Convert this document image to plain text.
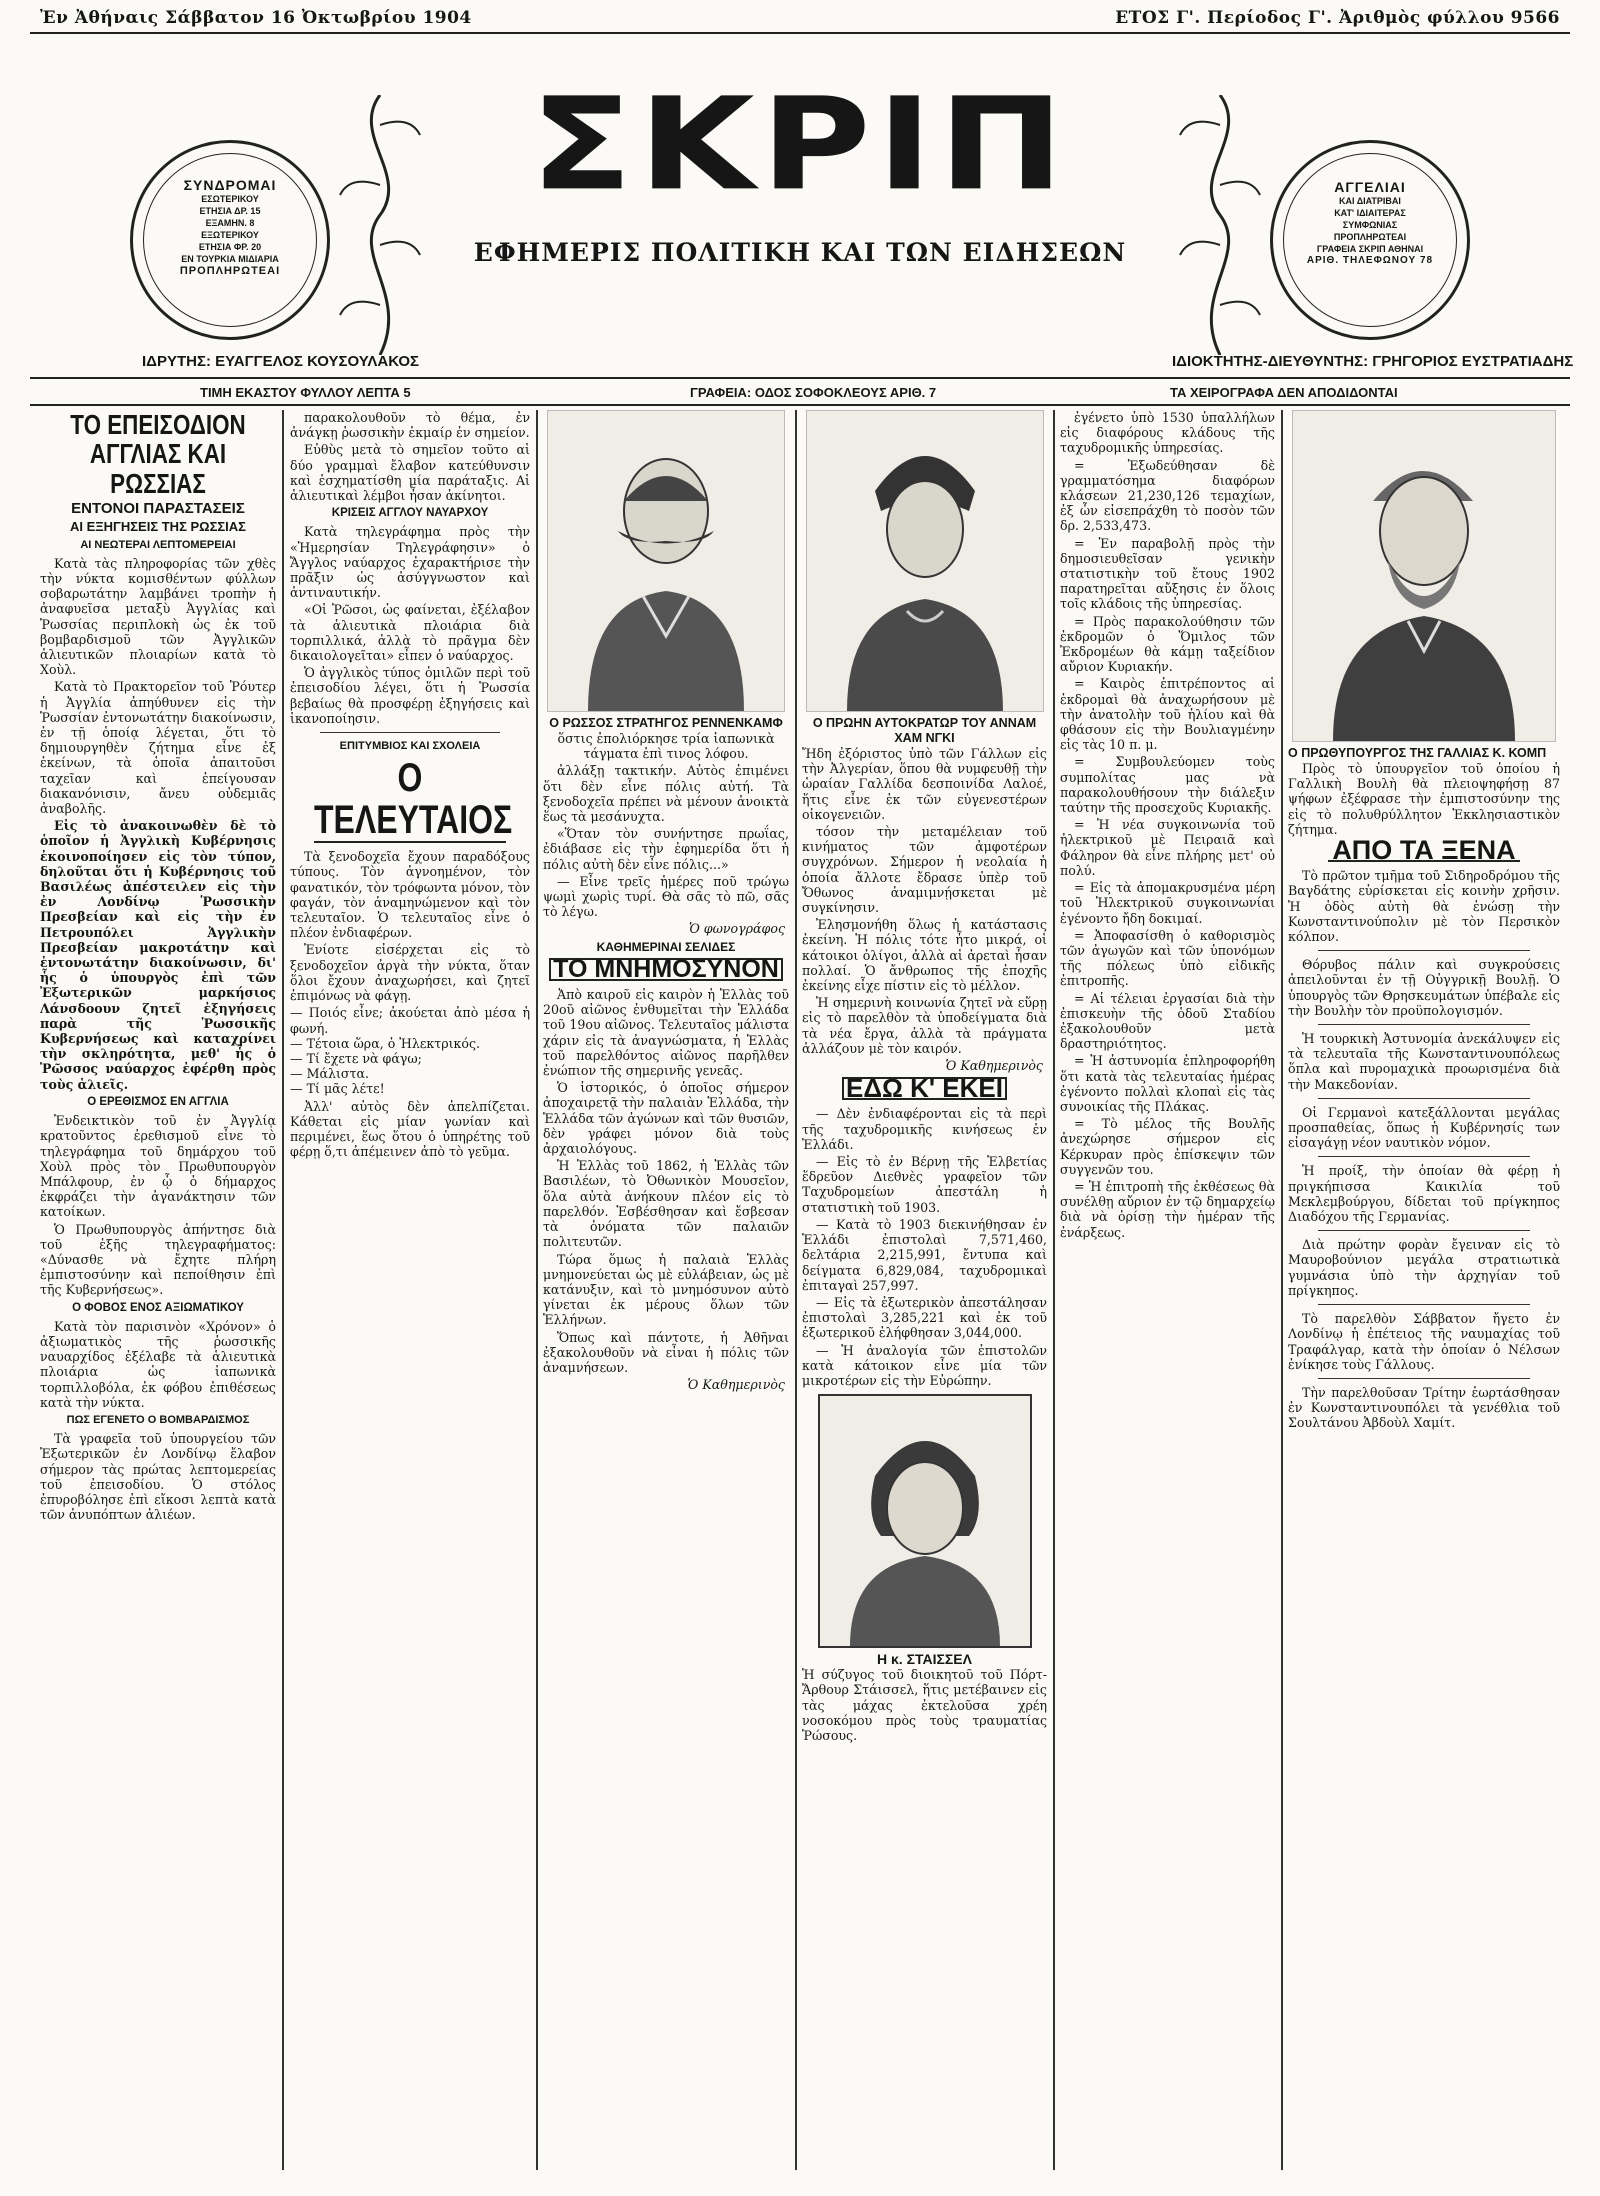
Ἐν Ἀθήναις Σάββατον 16 Ὀκτωβρίου 1904	ΕΤΟΣ Γ'. Περίοδος Γ'. Ἀριθμὸς φύλλου 9566
ΣΥΝΔΡΟΜΑΙ
ΕΣΩΤΕΡΙΚΟΥ
ΕΤΗΣΙΑ ΔΡ. 15
ΕΞΑΜΗΝ. 8
ΕΞΩΤΕΡΙΚΟΥ
ΕΤΗΣΙΑ ΦΡ. 20
ΕΝ ΤΟΥΡΚΙΑ ΜΙΔΙΑΡΙΑ
ΠΡΟΠΛΗΡΩΤΕΑΙ
ΙΔΡΥΤΗΣ: ΕΥΑΓΓΕΛΟΣ ΚΟΥΣΟΥΛΑΚΟΣ
ΣΚΡΙΠ
ΕΦΗΜΕΡΙΣ ΠΟΛΙΤΙΚΗ ΚΑΙ ΤΩΝ ΕΙΔΗΣΕΩΝ
ΑΓΓΕΛΙΑΙ
ΚΑΙ ΔΙΑΤΡΙΒΑΙ
ΚΑΤ' ΙΔΙΑΙΤΕΡΑΣ
ΣΥΜΦΩΝΙΑΣ
ΠΡΟΠΛΗΡΩΤΕΑΙ
ΓΡΑΦΕΙΑ ΣΚΡΙΠ ΑΘΗΝΑΙ
ΑΡΙΘ. ΤΗΛΕΦΩΝΟΥ 78
ΙΔΙΟΚΤΗΤΗΣ-ΔΙΕΥΘΥΝΤΗΣ: ΓΡΗΓΟΡΙΟΣ ΕΥΣΤΡΑΤΙΑΔΗΣ
ΤΙΜΗ ΕΚΑΣΤΟΥ ΦΥΛΛΟΥ ΛΕΠΤΑ 5	ΓΡΑΦΕΙΑ: ΟΔΟΣ ΣΟΦΟΚΛΕΟΥΣ ΑΡΙΘ. 7	ΤΑ ΧΕΙΡΟΓΡΑΦΑ ΔΕΝ ΑΠΟΔΙΔΟΝΤΑΙ
ΤΟ ΕΠΕΙΣΟΔΙΟΝ ΑΓΓΛΙΑΣ ΚΑΙ ΡΩΣΣΙΑΣ
ΕΝΤΟΝΟΙ ΠΑΡΑΣΤΑΣΕΙΣ
ΑΙ ΕΞΗΓΗΣΕΙΣ ΤΗΣ ΡΩΣΣΙΑΣ
ΑΙ ΝΕΩΤΕΡΑΙ ΛΕΠΤΟΜΕΡΕΙΑΙ

Κατὰ τὰς πληροφορίας τῶν χθὲς τὴν νύκτα κομισθέντων φύλλων σοβαρωτάτην λαμβάνει τροπὴν ἡ ἀναφυεῖσα μεταξὺ Ἀγγλίας καὶ Ῥωσσίας περιπλοκὴ ὡς ἐκ τοῦ βομβαρδισμοῦ τῶν Ἀγγλικῶν ἁλιευτικῶν πλοιαρίων κατὰ τὸ Χοὺλ.

Κατὰ τὸ Πρακτορεῖον τοῦ Ῥόυτερ ἡ Ἀγγλία ἀπηύθυνεν εἰς τὴν Ῥωσσίαν ἐντονωτάτην διακοίνωσιν, ἐν τῇ ὁποίᾳ λέγεται, ὅτι τὸ δημιουργηθὲν ζήτημα εἶνε ἐξ ἐκείνων, τὰ ὁποῖα ἀπαιτοῦσι ταχεῖαν καὶ ἐπείγουσαν διακανόνισιν, ἄνευ οὐδεμιᾶς ἀναβολῆς.

Εἰς τὸ ἀνακοινωθὲν δὲ τὸ ὁποῖον ἡ Ἀγγλικὴ Κυβέρνησις ἐκοινοποίησεν εἰς τὸν τύπον, δηλοῦται ὅτι ἡ Κυβέρνησις τοῦ Βασιλέως ἀπέστειλεν εἰς τὴν ἐν Λονδίνῳ Ῥωσσικὴν Πρεσβείαν καὶ εἰς τὴν ἐν Πετρουπόλει Ἀγγλικὴν Πρεσβείαν μακροτάτην καὶ ἐντονωτάτην διακοίνωσιν, δι' ἧς ὁ ὑπουργὸς ἐπὶ τῶν Ἐξωτερικῶν μαρκήσιος Λάνσδοουν ζητεῖ ἐξηγήσεις παρὰ τῆς Ῥωσσικῆς Κυβερνήσεως καὶ καταχρίνει τὴν σκληρότητα, μεθ' ἧς ὁ Ῥῶσσος ναύαρχος ἐφέρθη πρὸς τοὺς ἁλιεῖς.

Ο ΕΡΕΘΙΣΜΟΣ ΕΝ ΑΓΓΛΙΑ

Ἐνδεικτικὸν τοῦ ἐν Ἀγγλίᾳ κρατοῦντος ἐρεθισμοῦ εἶνε τὸ τηλεγράφημα τοῦ δημάρχου τοῦ Χοὺλ πρὸς τὸν Πρωθυπουργὸν Μπάλφουρ, ἐν ᾧ ὁ δήμαρχος ἐκφράζει τὴν ἀγανάκτησιν τῶν κατοίκων.

Ὁ Πρωθυπουργὸς ἀπήντησε διὰ τοῦ ἑξῆς τηλεγραφήματος: «Δύνασθε νὰ ἔχητε πλήρη ἐμπιστοσύνην καὶ πεποίθησιν ἐπὶ τῆς Κυβερνήσεως».

Ο ΦΟΒΟΣ ΕΝΟΣ ΑΞΙΩΜΑΤΙΚΟΥ

Κατὰ τὸν παρισινὸν «Χρόνον» ὁ ἀξιωματικὸς τῆς ῥωσσικῆς ναυαρχίδος ἐξέλαβε τὰ ἁλιευτικὰ πλοιάρια ὡς ἰαπωνικὰ τορπιλλοβόλα, ἐκ φόβου ἐπιθέσεως κατὰ τὴν νύκτα.

ΠΩΣ ΕΓΕΝΕΤΟ Ο ΒΟΜΒΑΡΔΙΣΜΟΣ

Τὰ γραφεῖα τοῦ ὑπουργείου τῶν Ἐξωτερικῶν ἐν Λονδίνῳ ἔλαβον σήμερον τὰς πρώτας λεπτομερείας τοῦ ἐπεισοδίου. Ὁ στόλος ἐπυροβόλησε ἐπὶ εἴκοσι λεπτὰ κατὰ τῶν ἀνυπόπτων ἁλιέων.

παρακολουθοῦν τὸ θέμα, ἐν ἀνάγκῃ ῥωσσικὴν ἐκμαίρ ἐν σημείον.

Εὐθὺς μετὰ τὸ σημεῖον τοῦτο αἱ δύο γραμμαὶ ἔλαβον κατεύθυνσιν καὶ ἐσχηματίσθη μία παράταξις. Αἱ ἁλιευτικαὶ λέμβοι ἦσαν ἀκίνητοι.

ΚΡΙΣΕΙΣ ΑΓΓΛΟΥ ΝΑΥΑΡΧΟΥ

Κατὰ τηλεγράφημα πρὸς τὴν «Ἡμερησίαν Τηλεγράφησιν» ὁ Ἄγγλος ναύαρχος ἐχαρακτήρισε τὴν πρᾶξιν ὡς ἀσύγγνωστον καὶ ἀντιναυτικήν.

«Οἱ Ῥῶσοι, ὡς φαίνεται, ἐξέλαβον τὰ ἁλιευτικὰ πλοιάρια διὰ τορπιλλικά, ἀλλὰ τὸ πρᾶγμα δὲν δικαιολογεῖται» εἶπεν ὁ ναύαρχος.

Ὁ ἀγγλικὸς τύπος ὁμιλῶν περὶ τοῦ ἐπεισοδίου λέγει, ὅτι ἡ Ῥωσσία βεβαίως θὰ προσφέρῃ ἐξηγήσεις καὶ ἱκανοποίησιν.

ΕΠΙΤΥΜΒΙΟΣ ΚΑΙ ΣΧΟΛΕΙΑ
Ο ΤΕΛΕΥΤΑΙΟΣ

Τὰ ξενοδοχεῖα ἔχουν παραδόξους τύπους. Τὸν ἀγνοημένον, τὸν φανατικόν, τὸν τρόφωντα μόνον, τὸν φαγάν, τὸν ἀναμηνώμενον καὶ τὸν τελευταῖον. Ὁ τελευταῖος εἶνε ὁ πλέον ἐνδιαφέρων.

Ἐνίοτε εἰσέρχεται εἰς τὸ ξενοδοχεῖον ἀργὰ τὴν νύκτα, ὅταν ὅλοι ἔχουν ἀναχωρήσει, καὶ ζητεῖ ἐπιμόνως νὰ φάγῃ.

— Ποιός εἶνε; ἀκούεται ἀπὸ μέσα ἡ φωνή.
— Τέτοια ὥρα, ὁ Ἠλεκτρικός.
— Τί ἔχετε νὰ φάγω;
— Μάλιστα.
— Τί μᾶς λέτε!

Ἀλλ' αὐτὸς δὲν ἀπελπίζεται. Κάθεται εἰς μίαν γωνίαν καὶ περιμένει, ἕως ὅτου ὁ ὑπηρέτης τοῦ φέρῃ ὅ,τι ἀπέμεινεν ἀπὸ τὸ γεῦμα.

Ο ΡΩΣΣΟΣ ΣΤΡΑΤΗΓΟΣ ΡΕΝΝΕΝΚΑΜΦ

ὅστις ἐπολιόρκησε τρία ἰαπωνικὰ τάγματα ἐπὶ τινος λόφου.

ἀλλάξῃ τακτικήν. Αὐτὸς ἐπιμένει ὅτι δὲν εἶνε πόλις αὐτή. Τὰ ξενοδοχεῖα πρέπει νὰ μένουν ἀνοικτὰ ἕως τὰ μεσάνυχτα.

«Ὅταν τὸν συνήντησε πρωΐας, ἐδιάβασε εἰς τὴν ἐφημερίδα ὅτι ἡ πόλις αὐτὴ δὲν εἶνε πόλις...»

— Εἶνε τρεῖς ἡμέρες ποῦ τρώγω ψωμὶ χωρὶς τυρί. Θὰ σᾶς τὸ πῶ, σᾶς τὸ λέγω.

Ὁ φωνογράφος
ΚΑΘΗΜΕΡΙΝΑΙ ΣΕΛΙΔΕΣ
ΤΟ ΜΝΗΜΟΣΥΝΟΝ

Ἀπὸ καιροῦ εἰς καιρὸν ἡ Ἑλλὰς τοῦ 20οῦ αἰῶνος ἐνθυμεῖται τὴν Ἑλλάδα τοῦ 19ου αἰῶνος. Τελευταῖος μάλιστα χάριν εἰς τὰ ἀναγνώσματα, ἡ Ἑλλὰς τοῦ παρελθόντος αἰῶνος παρῆλθεν ἐνώπιον τῆς σημερινῆς γενεᾶς.

Ὁ ἱστορικός, ὁ ὁποῖος σήμερον ἀποχαιρετᾷ τὴν παλαιὰν Ἑλλάδα, τὴν Ἑλλάδα τῶν ἀγώνων καὶ τῶν θυσιῶν, δὲν γράφει μόνον διὰ τοὺς ἀρχαιολόγους.

Ἡ Ἑλλὰς τοῦ 1862, ἡ Ἑλλὰς τῶν Βασιλέων, τὸ Ὀθωνικὸν Μουσεῖον, ὅλα αὐτὰ ἀνήκουν πλέον εἰς τὸ παρελθόν. Ἐσβέσθησαν καὶ ἔσβεσαν τὰ ὀνόματα τῶν παλαιῶν πολιτευτῶν.

Τώρα ὅμως ἡ παλαιὰ Ἑλλὰς μνημονεύεται ὡς μὲ εὐλάβειαν, ὡς μὲ κατάνυξιν, καὶ τὸ μνημόσυνον αὐτὸ γίνεται ἐκ μέρους ὅλων τῶν Ἑλλήνων.

Ὅπως καὶ πάντοτε, ἡ Ἀθῆναι ἐξακολουθοῦν νὰ εἶναι ἡ πόλις τῶν ἀναμνήσεων.

Ὁ Καθημερινὸς
Ο ΠΡΩΗΝ ΑΥΤΟΚΡΑΤΩΡ ΤΟΥ ΑΝΝΑΜ ΧΑΜ ΝΓΚΙ

Ἤδη ἐξόριστος ὑπὸ τῶν Γάλλων εἰς τὴν Ἀλγερίαν, ὅπου θὰ νυμφευθῇ τὴν ὡραίαν Γαλλίδα δεσποινίδα Λαλοέ, ἥτις εἶνε ἐκ τῶν εὐγενεστέρων οἰκογενειῶν.

τόσον τὴν μεταμέλειαν τοῦ κινήματος τῶν ἀμφοτέρων συγχρόνων. Σήμερον ἡ νεολαία ἡ ὁποία ἄλλοτε ἔδρασε ὑπὲρ τοῦ Ὄθωνος ἀναμιμνῄσκεται μὲ συγκίνησιν.

Ἐλησμονήθη ὅλως ἡ κατάστασις ἐκείνη. Ἡ πόλις τότε ἦτο μικρά, οἱ κάτοικοι ὀλίγοι, ἀλλὰ αἱ ἀρεταὶ ἦσαν πολλαί. Ὁ ἄνθρωπος τῆς ἐποχῆς ἐκείνης εἶχε πίστιν εἰς τὸ μέλλον.

Ἡ σημερινὴ κοινωνία ζητεῖ νὰ εὕρῃ εἰς τὸ παρελθὸν τὰ ὑποδείγματα διὰ τὰ νέα ἔργα, ἀλλὰ τὰ πράγματα ἀλλάζουν μὲ τὸν καιρόν.

Ὁ Καθημερινὸς
ΕΔΩ Κ' ΕΚΕΙ

— Δὲν ἐνδιαφέρονται εἰς τὰ περὶ τῆς ταχυδρομικῆς κινήσεως ἐν Ἑλλάδι.

— Εἰς τὸ ἐν Βέρνῃ τῆς Ἑλβετίας ἕδρεῦον Διεθνὲς γραφεῖον τῶν Ταχυδρομείων ἀπεστάλη ἡ στατιστικὴ τοῦ 1903.

— Κατὰ τὸ 1903 διεκινήθησαν ἐν Ἑλλάδι ἐπιστολαὶ 7,571,460, δελτάρια 2,215,991, ἔντυπα καὶ δείγματα 6,829,084, ταχυδρομικαὶ ἐπιταγαὶ 257,997.

— Εἰς τὰ ἐξωτερικὸν ἀπεστάλησαν ἐπιστολαὶ 3,285,221 καὶ ἐκ τοῦ ἐξωτερικοῦ ἐλήφθησαν 3,044,000.

— Ἡ ἀναλογία τῶν ἐπιστολῶν κατὰ κάτοικον εἶνε μία τῶν μικροτέρων εἰς τὴν Εὐρώπην.

Η κ. ΣΤΑΙΣΣΕΛ

Ἡ σύζυγος τοῦ διοικητοῦ τοῦ Πόρτ-Ἄρθουρ Στάισσελ, ἥτις μετέβαινεν εἰς τὰς μάχας ἐκτελοῦσα χρέη νοσοκόμου πρὸς τοὺς τραυματίας Ῥώσους.

ἐγένετο ὑπὸ 1530 ὑπαλλήλων εἰς διαφόρους κλάδους τῆς ταχυδρομικῆς ὑπηρεσίας.

= Ἐξωδεύθησαν δὲ γραμματόσημα διαφόρων κλάσεων 21,230,126 τεμαχίων, ἐξ ὧν εἰσεπράχθη τὸ ποσὸν τῶν δρ. 2,533,473.

= Ἐν παραβολῇ πρὸς τὴν δημοσιευθεῖσαν γενικὴν στατιστικὴν τοῦ ἔτους 1902 παρατηρεῖται αὔξησις ἐν ὅλοις τοῖς κλάδοις τῆς ὑπηρεσίας.

= Πρὸς παρακολούθησιν τῶν ἐκδρομῶν ὁ Ὅμιλος τῶν Ἐκδρομέων θὰ κάμῃ ταξείδιον αὔριον Κυριακήν.

= Καιρὸς ἐπιτρέποντος αἱ ἐκδρομαὶ θὰ ἀναχωρήσουν μὲ τὴν ἀνατολὴν τοῦ ἡλίου καὶ θὰ φθάσουν εἰς τὴν Βουλιαγμένην εἰς τὰς 10 π. μ.

= Συμβουλεύομεν τοὺς συμπολίτας μας νὰ παρακολουθήσουν τὴν διάλεξιν ταύτην τῆς προσεχοῦς Κυριακῆς.

= Ἡ νέα συγκοινωνία τοῦ ἠλεκτρικοῦ μὲ Πειραιᾶ καὶ Φάληρον θὰ εἶνε πλήρης μετ' οὐ πολύ.

= Εἰς τὰ ἀπομακρυσμένα μέρη τοῦ Ἠλεκτρικοῦ συγκοινωνίαι ἐγένοντο ἤδη δοκιμαί.

= Ἀποφασίσθη ὁ καθορισμὸς τῶν ἀγωγῶν καὶ τῶν ὑπονόμων τῆς πόλεως ὑπὸ εἰδικῆς ἐπιτροπῆς.

= Αἱ τέλειαι ἐργασίαι διὰ τὴν ἐπισκευὴν τῆς ὁδοῦ Σταδίου ἐξακολουθοῦν μετὰ δραστηριότητος.

= Ἡ ἀστυνομία ἐπληροφορήθη ὅτι κατὰ τὰς τελευταίας ἡμέρας ἐγένοντο πολλαὶ κλοπαὶ εἰς τὰς συνοικίας τῆς Πλάκας.

= Τὸ μέλος τῆς Βουλῆς ἀνεχώρησε σήμερον εἰς Κέρκυραν πρὸς ἐπίσκεψιν τῶν συγγενῶν του.

= Ἡ ἐπιτροπὴ τῆς ἐκθέσεως θὰ συνέλθῃ αὔριον ἐν τῷ δημαρχείῳ διὰ νὰ ὁρίσῃ τὴν ἡμέραν τῆς ἐνάρξεως.

Ο ΠΡΩΘΥΠΟΥΡΓΟΣ ΤΗΣ ΓΑΛΛΙΑΣ Κ. ΚΟΜΠ

Πρὸς τὸ ὑπουργεῖον τοῦ ὁποίου ἡ Γαλλικὴ Βουλὴ θὰ πλειοψηφήσῃ 87 ψήφων ἐξέφρασε τὴν ἐμπιστοσύνην της εἰς τὸ πολυθρύλλητον Ἐκκλησιαστικὸν ζήτημα.

ΑΠΟ ΤΑ ΞΕΝΑ

Τὸ πρῶτον τμῆμα τοῦ Σιδηροδρόμου τῆς Βαγδάτης εὑρίσκεται εἰς κοινὴν χρῆσιν. Ἡ ὁδὸς αὐτὴ θὰ ἑνώσῃ τὴν Κωνσταντινούπολιν μὲ τὸν Περσικὸν κόλπον.

Θόρυβος πάλιν καὶ συγκρούσεις ἀπειλοῦνται ἐν τῇ Οὐγγρικῇ Βουλῇ. Ὁ ὑπουργὸς τῶν Θρησκευμάτων ὑπέβαλε εἰς τὴν Βουλὴν τὸν προϋπολογισμόν.

Ἡ τουρκικὴ Ἀστυνομία ἀνεκάλυψεν εἰς τὰ τελευταῖα τῆς Κωνσταντινουπόλεως ὅπλα καὶ πυρομαχικὰ προωρισμένα διὰ τὴν Μακεδονίαν.

Οἱ Γερμανοὶ κατεξάλλονται μεγάλας προσπαθείας, ὅπως ἡ Κυβέρνησίς των εἰσαγάγῃ νέον ναυτικὸν νόμον.

Ἡ προίξ, τὴν ὁποίαν θὰ φέρῃ ἡ πριγκήπισσα Καικιλία τοῦ Μεκλεμβούργου, δίδεται τοῦ πρίγκηπος Διαδόχου τῆς Γερμανίας.

Διὰ πρώτην φορὰν ἔγειναν εἰς τὸ Μαυροβούνιον μεγάλα στρατιωτικὰ γυμνάσια ὑπὸ τὴν ἀρχηγίαν τοῦ πρίγκηπος.

Τὸ παρελθὸν Σάββατον ἤγετο ἐν Λονδίνῳ ἡ ἐπέτειος τῆς ναυμαχίας τοῦ Τραφάλγαρ, κατὰ τὴν ὁποίαν ὁ Νέλσων ἐνίκησε τοὺς Γάλλους.

Τὴν παρελθοῦσαν Τρίτην ἑωρτάσθησαν ἐν Κωνσταντινουπόλει τὰ γενέθλια τοῦ Σουλτάνου Ἀβδοὺλ Χαμίτ.
